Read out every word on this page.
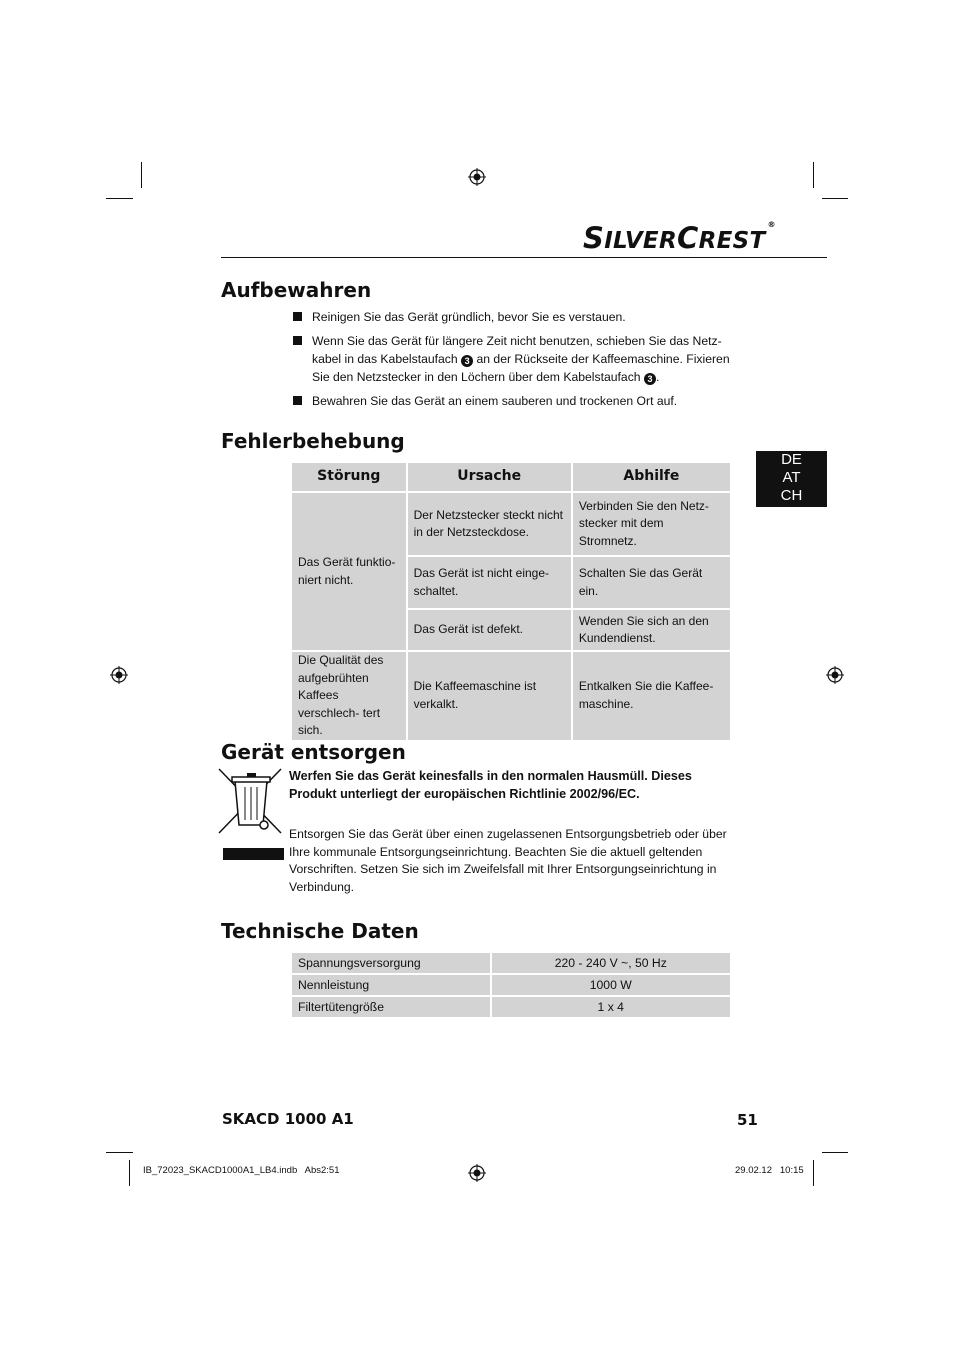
SILVERCREST®
Aufbewahren
Reinigen Sie das Gerät gründlich, bevor Sie es verstauen.
Wenn Sie das Gerät für längere Zeit nicht benutzen, schieben Sie das Netz-
kabel in das Kabelstaufach 3 an der Rückseite der Kaffeemaschine. Fixieren
Sie den Netzstecker in den Löchern über dem Kabelstaufach 3 .
Bewahren Sie das Gerät an einem sauberen und trockenen Ort auf.
Fehlerbehebung
DE
AT
CH
Störung	Ursache	Abhilfe
Das Gerät funktio- niert nicht.	Der Netzstecker steckt nicht in der Netzsteckdose.	Verbinden Sie den Netz- stecker mit dem Stromnetz.
	Das Gerät ist nicht einge- schaltet.	Schalten Sie das Gerät ein.
	Das Gerät ist defekt.	Wenden Sie sich an den Kundendienst.
Die Qualität des aufgebrühten Kaffees verschlech- tert sich.	Die Kaffeemaschine ist verkalkt.	Entkalken Sie die Kaffee- maschine.
Gerät entsorgen
Werfen Sie das Gerät keinesfalls in den normalen Hausmüll. Dieses Produkt unterliegt der europäischen Richtlinie 2002/96/EC.
Entsorgen Sie das Gerät über einen zugelassenen Entsorgungsbetrieb oder über Ihre kommunale Entsorgungseinrichtung. Beachten Sie die aktuell geltenden Vorschriften. Setzen Sie sich im Zweifelsfall mit Ihrer Entsorgungseinrichtung in Verbindung.
Technische Daten
Spannungsversorgung	220 - 240 V ~, 50 Hz
Nennleistung	1000 W
Filtertütengröße	1 x 4
SKACD 1000 A1	51
IB_72023_SKACD1000A1_LB4.indb   Abs2:51	29.02.12   10:15
